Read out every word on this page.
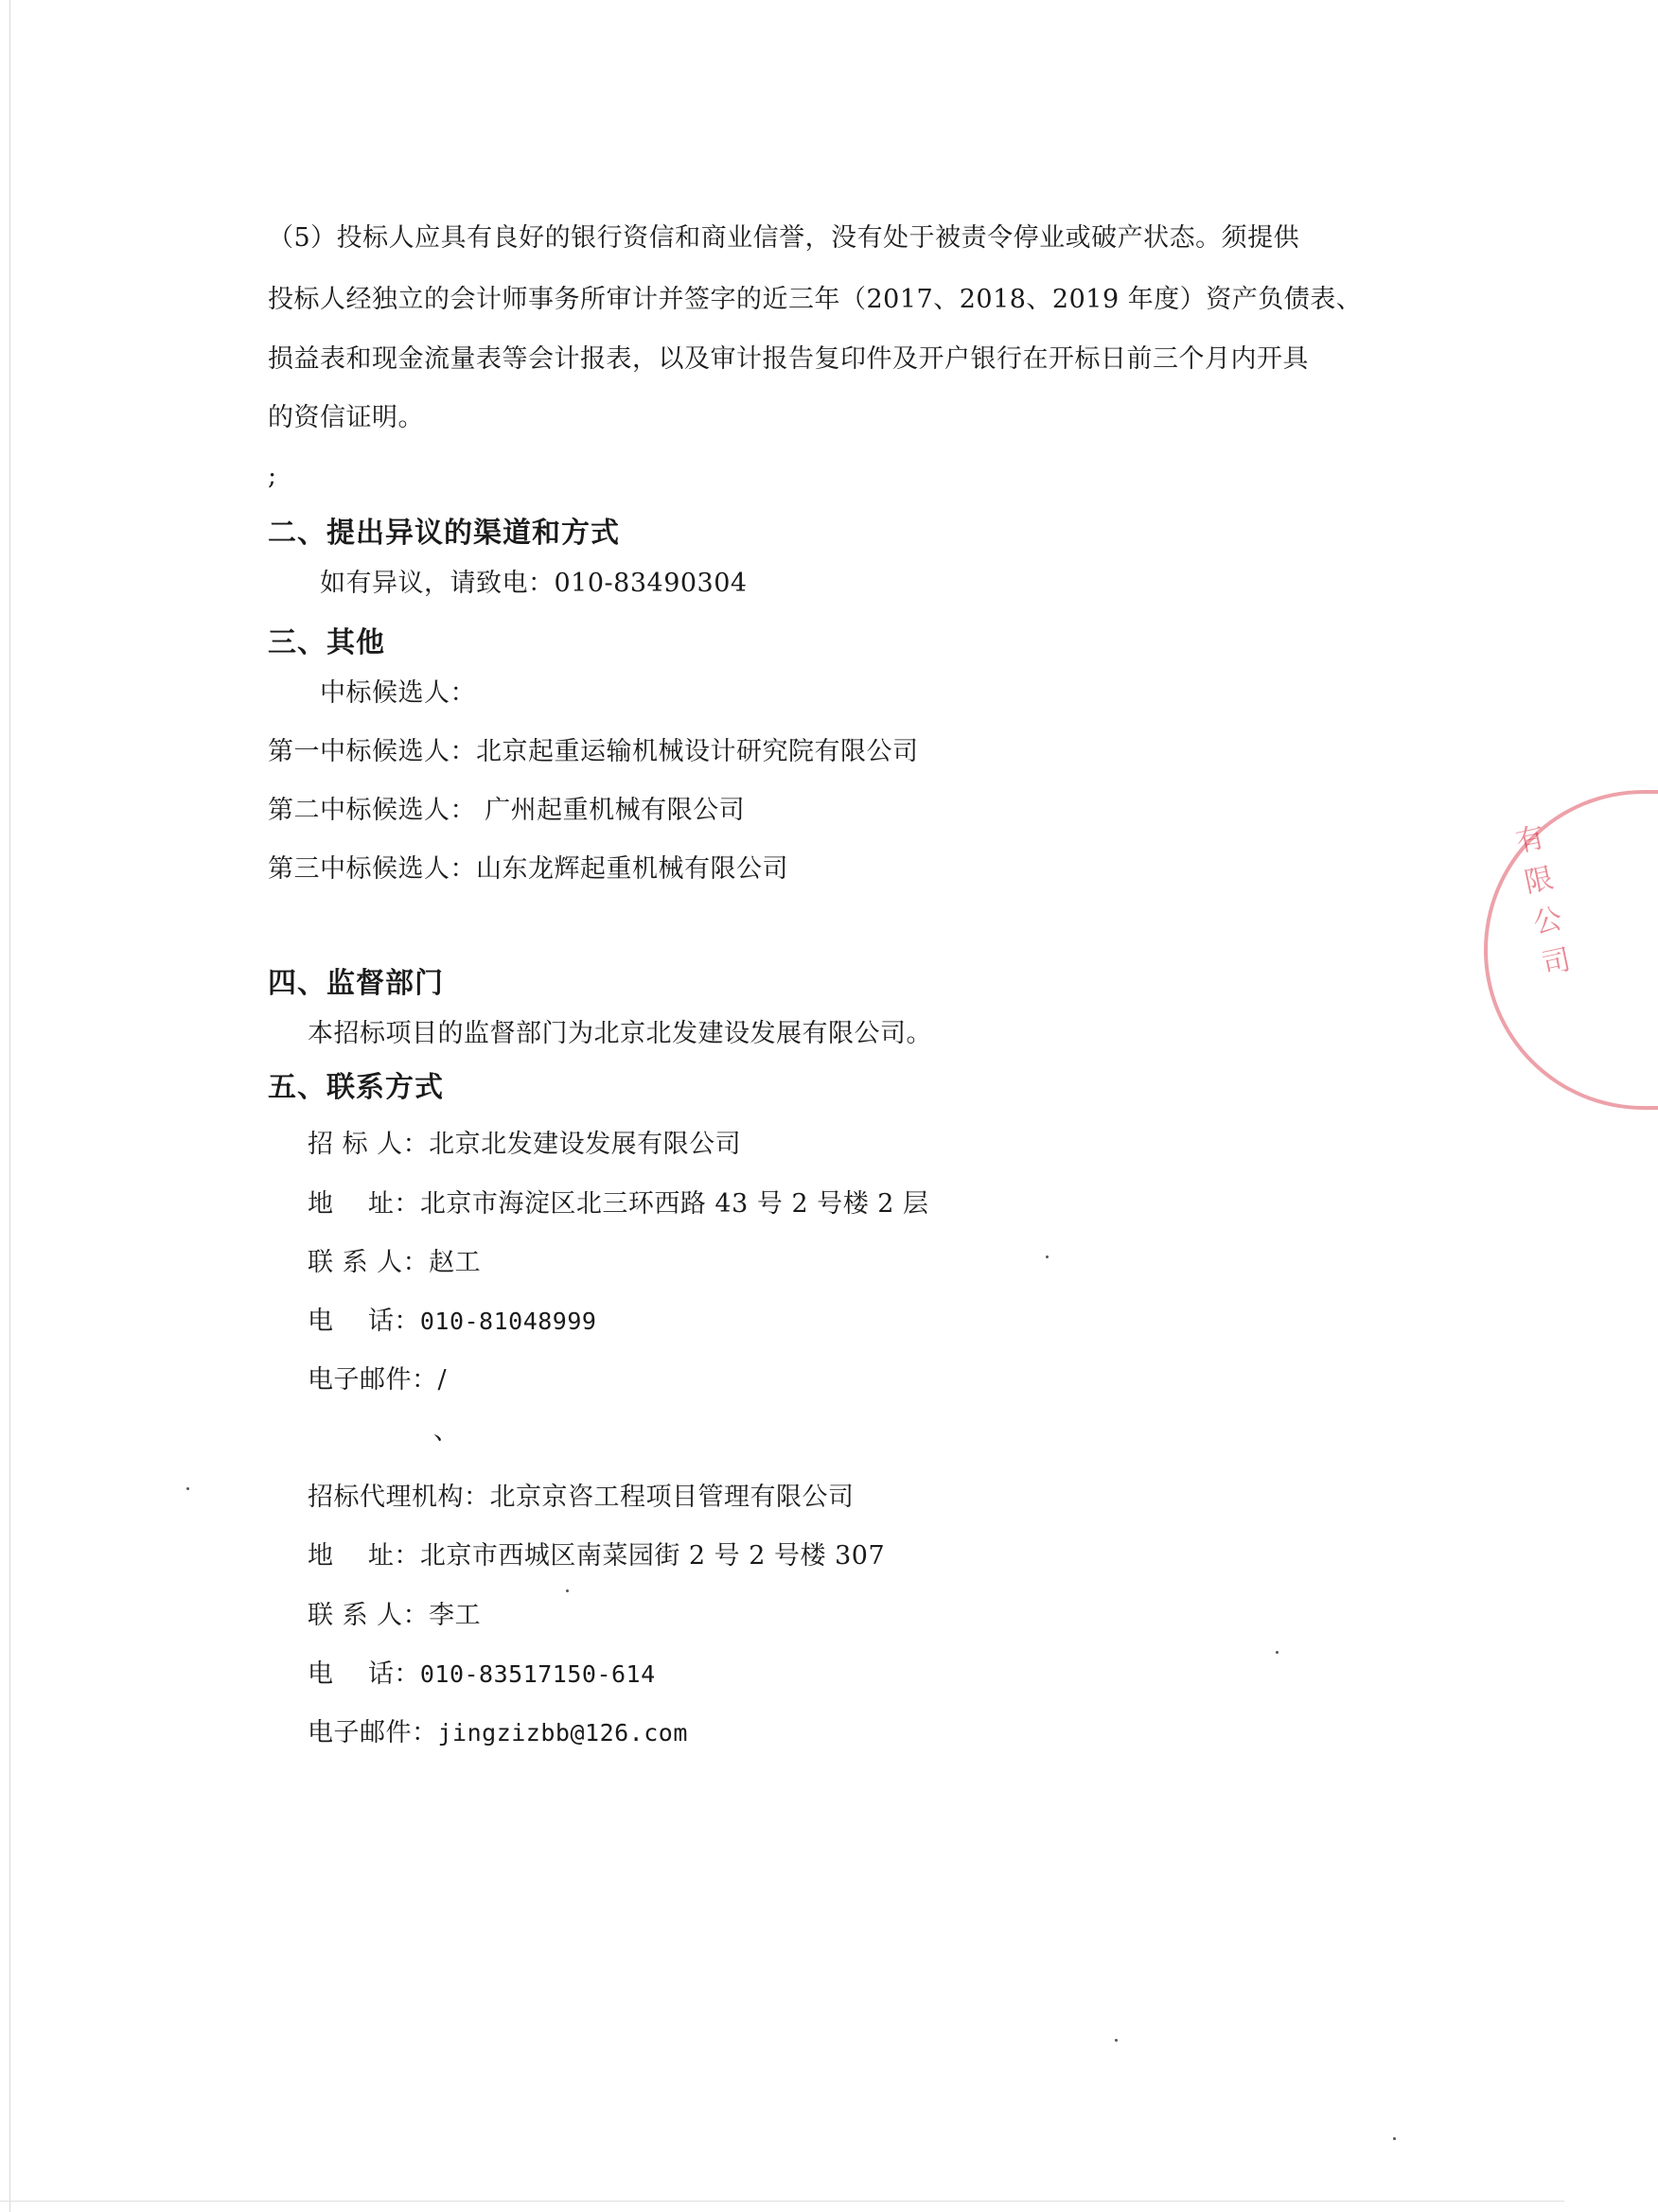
（5）投标人应具有良好的银行资信和商业信誉，没有处于被责令停业或破产状态。须提供
投标人经独立的会计师事务所审计并签字的近三年（2017、2018、2019 年度）资产负债表、
损益表和现金流量表等会计报表，以及审计报告复印件及开户银行在开标日前三个月内开具
的资信证明。
;
二、提出异议的渠道和方式
如有异议，请致电：010-83490304
三、其他
中标候选人：
第一中标候选人：北京起重运输机械设计研究院有限公司
第二中标候选人： 广州起重机械有限公司
第三中标候选人：山东龙辉起重机械有限公司
四、监督部门
本招标项目的监督部门为北京北发建设发展有限公司。
五、联系方式
招 标 人：北京北发建设发展有限公司
地    址：北京市海淀区北三环西路 43 号 2 号楼 2 层
联 系 人：赵工
电    话：010-81048999
电子邮件：/
、
招标代理机构：北京京咨工程项目管理有限公司
地    址：北京市西城区南菜园街 2 号 2 号楼 307
联 系 人：李工
电    话：010-83517150-614
电子邮件：jingzizbb@126.com
有限公司
